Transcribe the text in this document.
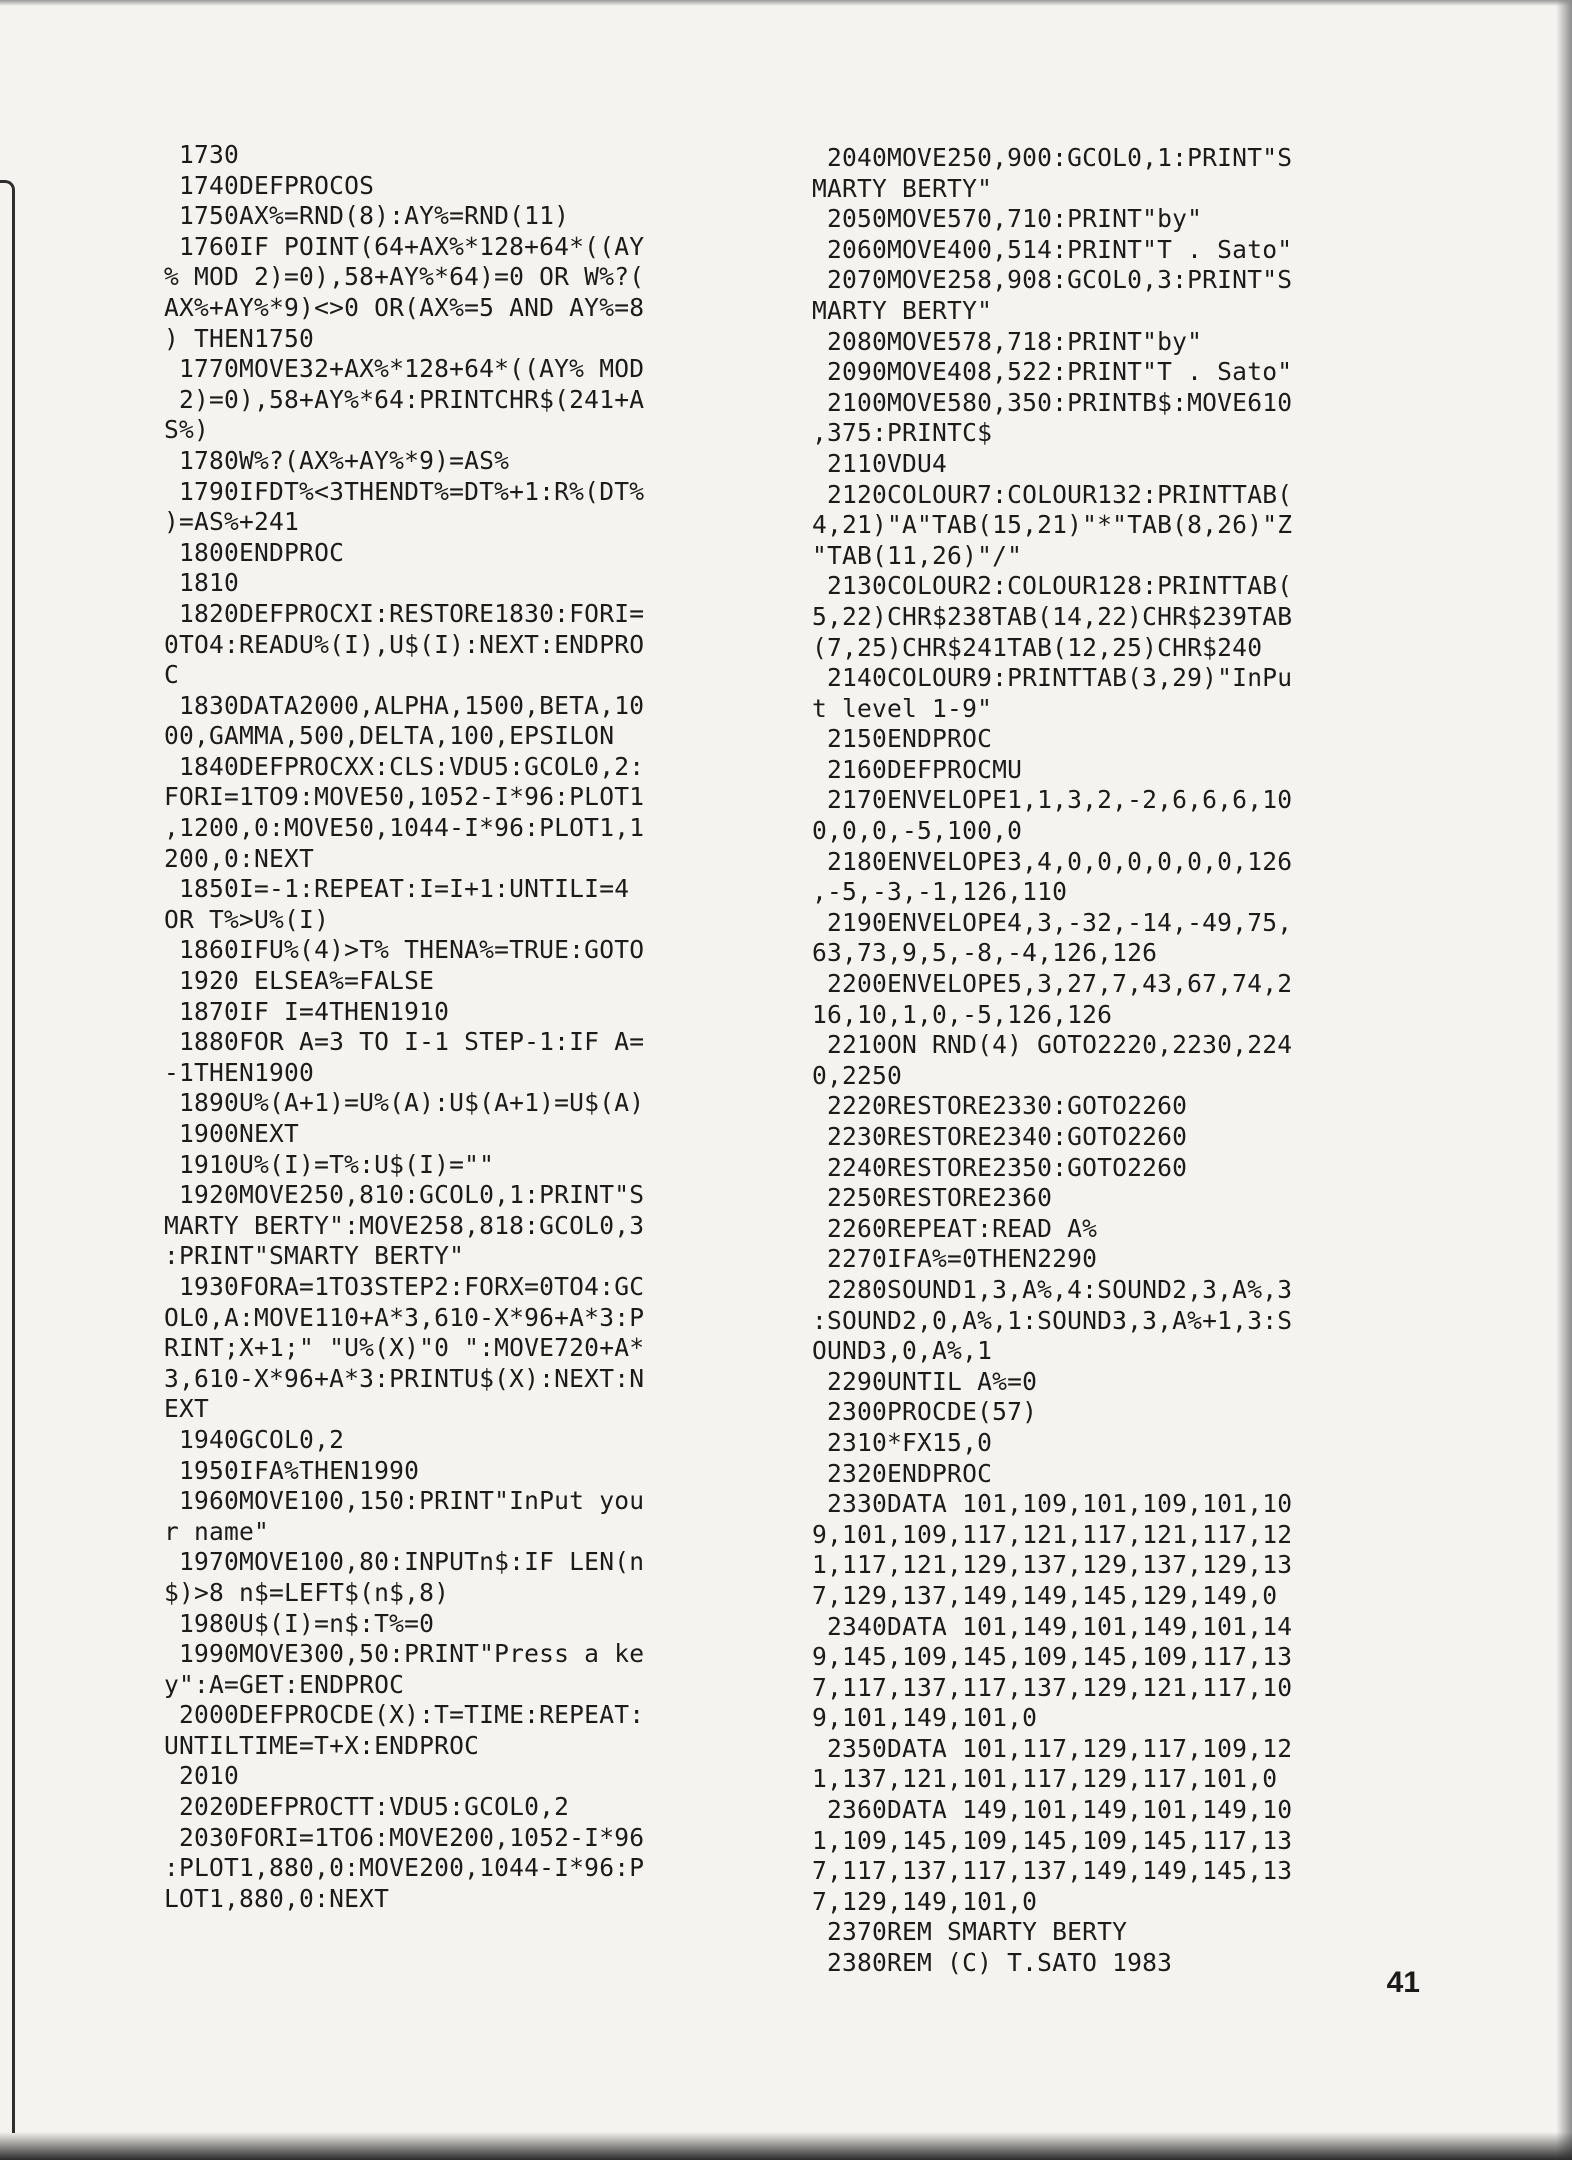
1730
1740DEFPROCOS
1750AX%=RND(8):AY%=RND(11)
1760IF POINT(64+AX%*128+64*((AY
% MOD 2)=0),58+AY%*64)=0 OR W%?(
AX%+AY%*9)<>0 OR(AX%=5 AND AY%=8
) THEN1750
1770MOVE32+AX%*128+64*((AY% MOD
2)=0),58+AY%*64:PRINTCHR$(241+A
S%)
1780W%?(AX%+AY%*9)=AS%
1790IFDT%<3THENDT%=DT%+1:R%(DT%
)=AS%+241
1800ENDPROC
1810
1820DEFPROCXI:RESTORE1830:FORI=
0TO4:READU%(I),U$(I):NEXT:ENDPRO
C
1830DATA2000,ALPHA,1500,BETA,10
00,GAMMA,500,DELTA,100,EPSILON
1840DEFPROCXX:CLS:VDU5:GCOL0,2:
FORI=1TO9:MOVE50,1052-I*96:PLOT1
,1200,0:MOVE50,1044-I*96:PLOT1,1
200,0:NEXT
1850I=-1:REPEAT:I=I+1:UNTILI=4
OR T%>U%(I)
1860IFU%(4)>T% THENA%=TRUE:GOTO
1920 ELSEA%=FALSE
1870IF I=4THEN1910
1880FOR A=3 TO I-1 STEP-1:IF A=
-1THEN1900
1890U%(A+1)=U%(A):U$(A+1)=U$(A)
1900NEXT
1910U%(I)=T%:U$(I)=""
1920MOVE250,810:GCOL0,1:PRINT"S
MARTY BERTY":MOVE258,818:GCOL0,3
:PRINT"SMARTY BERTY"
1930FORA=1TO3STEP2:FORX=0TO4:GC
OL0,A:MOVE110+A*3,610-X*96+A*3:P
RINT;X+1;" "U%(X)"0 ":MOVE720+A*
3,610-X*96+A*3:PRINTU$(X):NEXT:N
EXT
1940GCOL0,2
1950IFA%THEN1990
1960MOVE100,150:PRINT"InPut you
r name"
1970MOVE100,80:INPUTn$:IF LEN(n
$)>8 n$=LEFT$(n$,8)
1980U$(I)=n$:T%=0
1990MOVE300,50:PRINT"Press a ke
y":A=GET:ENDPROC
2000DEFPROCDE(X):T=TIME:REPEAT:
UNTILTIME=T+X:ENDPROC
2010
2020DEFPROCTT:VDU5:GCOL0,2
2030FORI=1TO6:MOVE200,1052-I*96
:PLOT1,880,0:MOVE200,1044-I*96:P
LOT1,880,0:NEXT
2040MOVE250,900:GCOL0,1:PRINT"S
MARTY BERTY"
2050MOVE570,710:PRINT"by"
2060MOVE400,514:PRINT"T . Sato"
2070MOVE258,908:GCOL0,3:PRINT"S
MARTY BERTY"
2080MOVE578,718:PRINT"by"
2090MOVE408,522:PRINT"T . Sato"
2100MOVE580,350:PRINTB$:MOVE610
,375:PRINTC$
2110VDU4
2120COLOUR7:COLOUR132:PRINTTAB(
4,21)"A"TAB(15,21)"*"TAB(8,26)"Z
"TAB(11,26)"/"
2130COLOUR2:COLOUR128:PRINTTAB(
5,22)CHR$238TAB(14,22)CHR$239TAB
(7,25)CHR$241TAB(12,25)CHR$240
2140COLOUR9:PRINTTAB(3,29)"InPu
t level 1-9"
2150ENDPROC
2160DEFPROCMU
2170ENVELOPE1,1,3,2,-2,6,6,6,10
0,0,0,-5,100,0
2180ENVELOPE3,4,0,0,0,0,0,0,126
,-5,-3,-1,126,110
2190ENVELOPE4,3,-32,-14,-49,75,
63,73,9,5,-8,-4,126,126
2200ENVELOPE5,3,27,7,43,67,74,2
16,10,1,0,-5,126,126
2210ON RND(4) GOTO2220,2230,224
0,2250
2220RESTORE2330:GOTO2260
2230RESTORE2340:GOTO2260
2240RESTORE2350:GOTO2260
2250RESTORE2360
2260REPEAT:READ A%
2270IFA%=0THEN2290
2280SOUND1,3,A%,4:SOUND2,3,A%,3
:SOUND2,0,A%,1:SOUND3,3,A%+1,3:S
OUND3,0,A%,1
2290UNTIL A%=0
2300PROCDE(57)
2310*FX15,0
2320ENDPROC
2330DATA 101,109,101,109,101,10
9,101,109,117,121,117,121,117,12
1,117,121,129,137,129,137,129,13
7,129,137,149,149,145,129,149,0
2340DATA 101,149,101,149,101,14
9,145,109,145,109,145,109,117,13
7,117,137,117,137,129,121,117,10
9,101,149,101,0
2350DATA 101,117,129,117,109,12
1,137,121,101,117,129,117,101,0
2360DATA 149,101,149,101,149,10
1,109,145,109,145,109,145,117,13
7,117,137,117,137,149,149,145,13
7,129,149,101,0
2370REM SMARTY BERTY
2380REM (C) T.SATO 1983
41
